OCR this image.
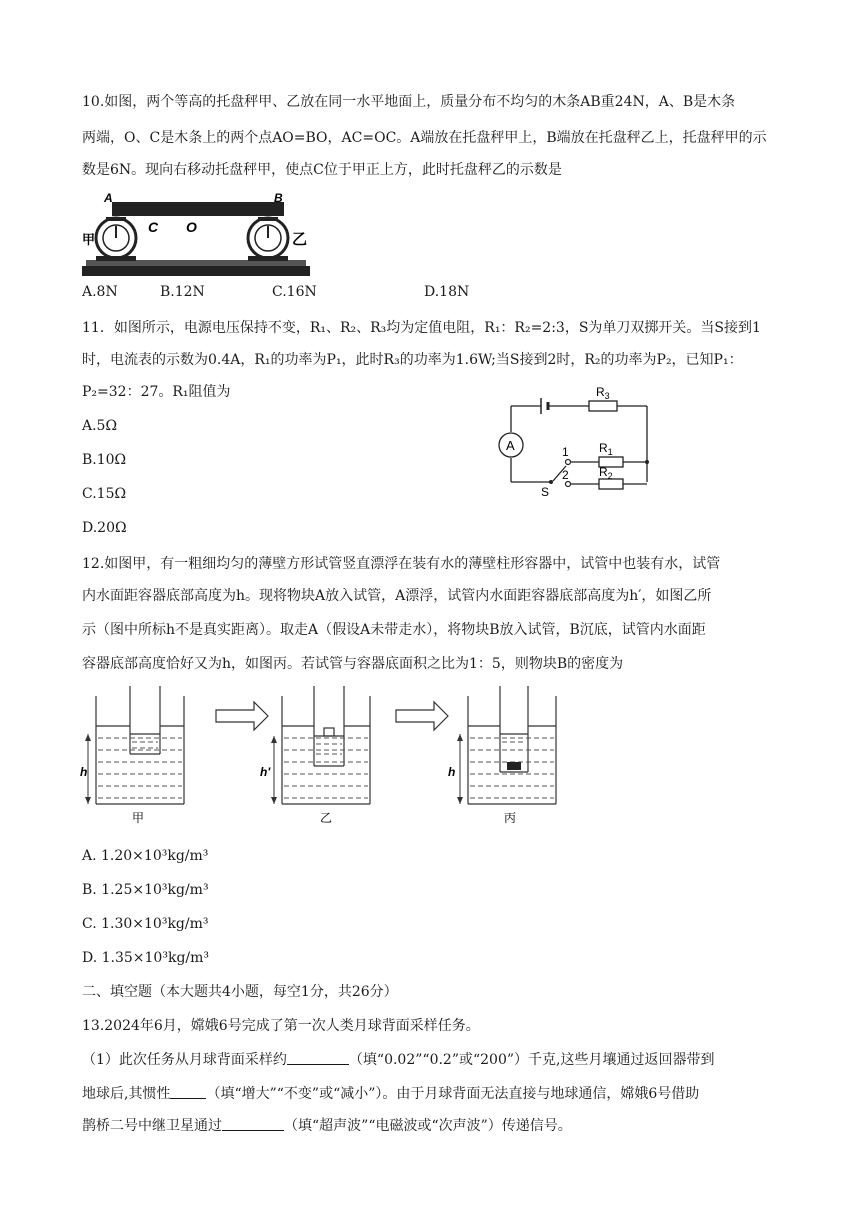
10.如图，两个等高的托盘秤甲、乙放在同一水平地面上，质量分布不均匀的木条AB重24N，A、B是木条
两端，O、C是木条上的两个点AO=BO，AC=OC。A端放在托盘秤甲上，B端放在托盘秤乙上，托盘秤甲的示
数是6N。现向右移动托盘秤甲，使点C位于甲正上方，此时托盘秤乙的示数是
A	B
C O
甲	乙
A.8N	B.12N	C.16N	D.18N
11．如图所示，电源电压保持不变，R₁、R₂、R₃均为定值电阻，R₁：R₂=2:3，S为单刀双掷开关。当S接到1
时，电流表的示数为0.4A，R₁的功率为P₁，此时R₃的功率为1.6W;当S接到2时，R₂的功率为P₂，已知P₁：
P₂=32：27。R₁阻值为
A.5Ω
B.10Ω
C.15Ω
D.20Ω
A
$R_3$
$R_1$
$R_2$
1
2
S
12.如图甲，有一粗细均匀的薄壁方形试管竖直漂浮在装有水的薄壁柱形容器中，试管中也装有水，试管
内水面距容器底部高度为h。现将物块A放入试管，A漂浮，试管内水面距容器底部高度为h′，如图乙所
示（图中所标h不是真实距离）。取走A（假设A未带走水），将物块B放入试管，B沉底，试管内水面距
容器底部高度恰好又为h，如图丙。若试管与容器底面积之比为1：5，则物块B的密度为
h
甲
h′
乙
h
丙
A. 1.20×10³kg/m³
B. 1.25×10³kg/m³
C. 1.30×10³kg/m³
D. 1.35×10³kg/m³
二、填空题（本大题共4小题，每空1分，共26分）
13.2024年6月，嫦娥6号完成了第一次人类月球背面采样任务。
（1）此次任务从月球背面采样约	（填“0.02”“0.2”或“200”）千克,这些月壤通过返回器带到
地球后,其惯性	（填“增大”“不变”或“减小”）。由于月球背面无法直接与地球通信，嫦娥6号借助
鹊桥二号中继卫星通过	（填“超声波”“电磁波或“次声波”）传递信号。
